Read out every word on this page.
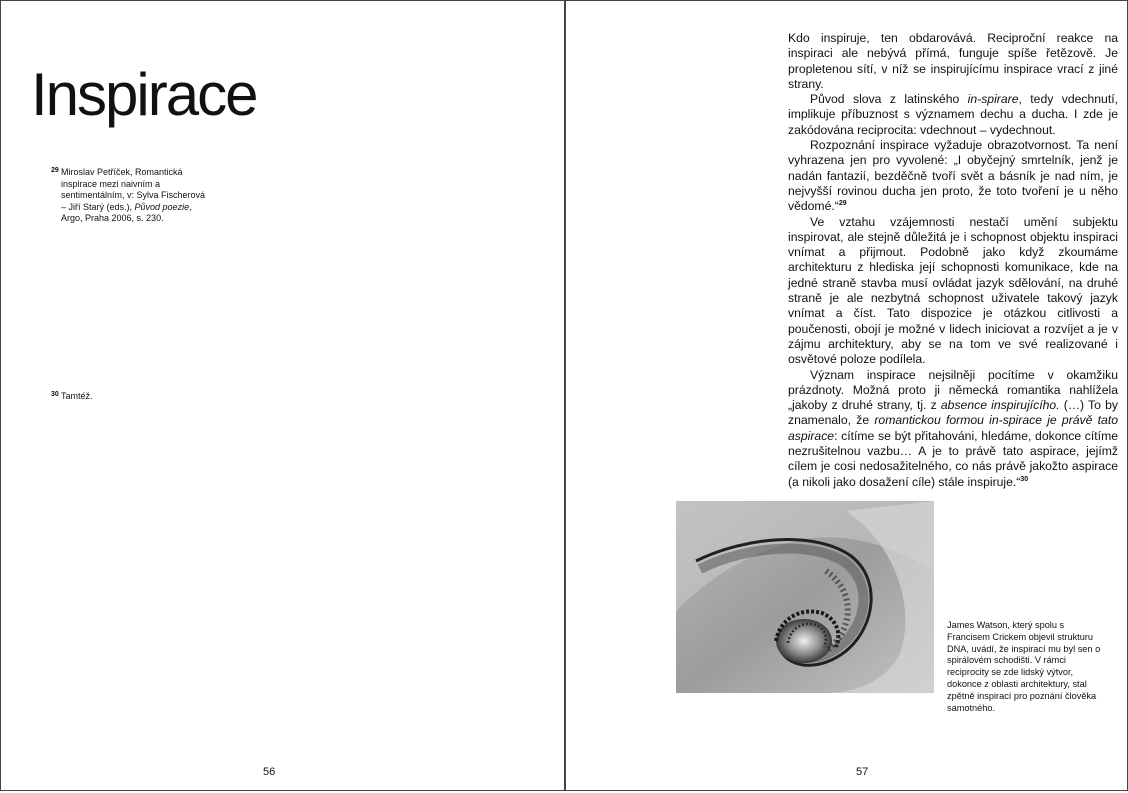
Inspirace
29 Miroslav Petříček, Romantická inspirace mezi naivním a sentimentálním, v: Sylva Fischerová – Jiří Starý (eds.), Původ poezie, Argo, Praha 2006, s. 230.
30 Tamtéž.
56

Kdo inspiruje, ten obdarovává. Reciproční reakce na inspiraci ale nebývá přímá, funguje spíše řetězově. Je propletenou sítí, v níž se inspirujícímu inspirace vrací z jiné strany.

Původ slova z latinského in-spirare, tedy vdechnutí, implikuje příbuznost s významem dechu a ducha. I zde je zakódována reciprocita: vdechnout – vydechnout.

Rozpoznání inspirace vyžaduje obrazotvornost. Ta není vyhrazena jen pro vyvolené: „I obyčejný smrtelník, jenž je nadán fantazií, bezděčně tvoří svět a básník je nad ním, je nejvyšší rovinou ducha jen proto, že toto tvoření je u něho vědomé.“$^{29}$

Ve vztahu vzájemnosti nestačí umění subjektu inspirovat, ale stejně důležitá je i schopnost objektu inspiraci vnímat a přijmout. Podobně jako když zkoumáme architekturu z hlediska její schopnosti komunikace, kde na jedné straně stavba musí ovládat jazyk sdělování, na druhé straně je ale nezbytná schopnost uživatele takový jazyk vnímat a číst. Tato dispozice je otázkou citlivosti a poučenosti, obojí je možné v lidech iniciovat a rozvíjet a je v zájmu architektury, aby se na tom ve své realizované i osvětové poloze podílela.

Význam inspirace nejsilněji pocítíme v okamžiku prázdnoty. Možná proto ji německá romantika nahlížela „jakoby z druhé strany, tj. z absence inspirujícího. (…) To by znamenalo, že romantickou formou in-spirace je právě tato aspirace: cítíme se být přitahováni, hledáme, dokonce cítíme nezrušitelnou vazbu… A je to právě tato aspirace, jejímž cílem je cosi nedosažitelného, co nás právě jakožto aspirace (a nikoli jako dosažení cíle) stále inspiruje.“$^{30}$

James Watson, který spolu s Francisem Crickem objevil strukturu DNA, uvádí, že inspirací mu byl sen o spirálovém schodišti. V rámci reciprocity se zde lidský výtvor, dokonce z oblasti architektury, stal zpětně inspirací pro poznání člověka samotného.
57
